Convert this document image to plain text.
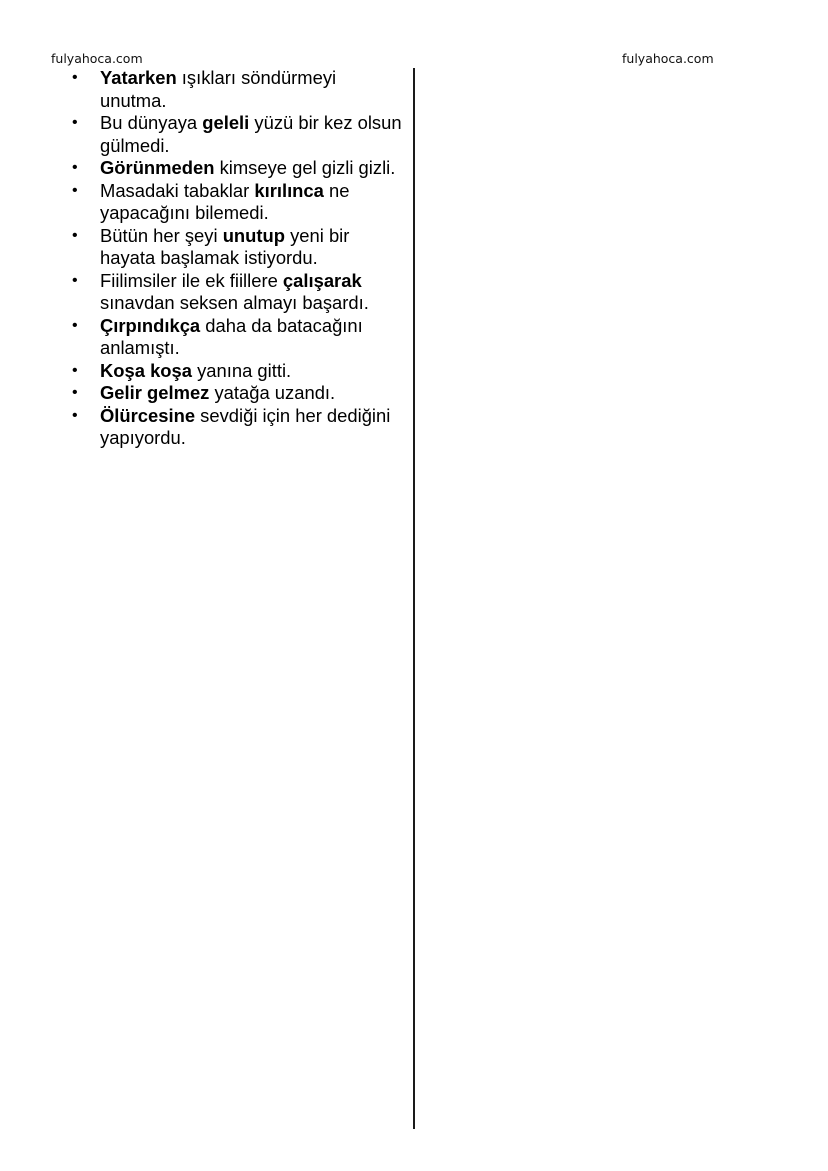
fulyahoca.com	fulyahoca.com
• Yatarken ışıkları söndürmeyi unutma.
• Bu dünyaya geleli yüzü bir kez olsun gülmedi.
• Görünmeden kimseye gel gizli gizli.
• Masadaki tabaklar kırılınca ne yapacağını bilemedi.
• Bütün her şeyi unutup yeni bir hayata başlamak istiyordu.
• Fiilimsiler ile ek fiillere çalışarak sınavdan seksen almayı başardı.
• Çırpındıkça daha da batacağını anlamıştı.
• Koşa koşa yanına gitti.
• Gelir gelmez yatağa uzandı.
• Ölürcesine sevdiği için her dediğini yapıyordu.
